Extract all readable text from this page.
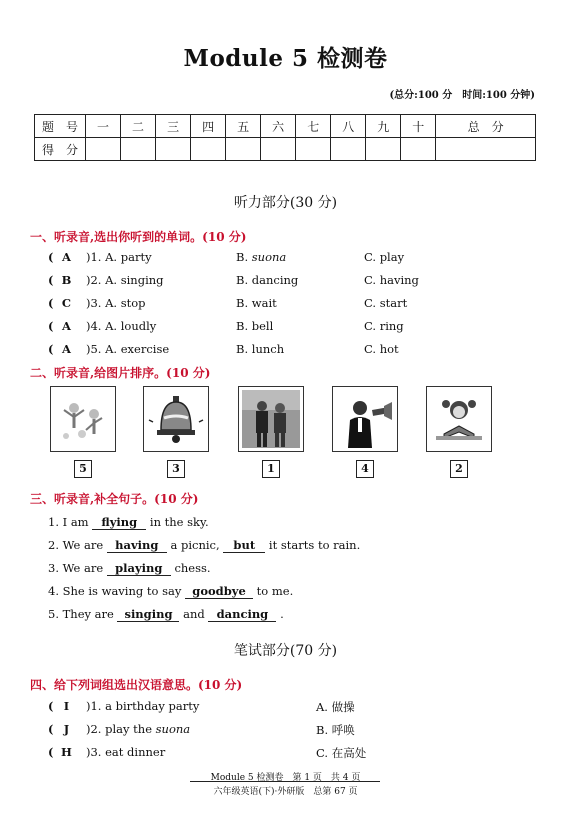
Module 5 检测卷
(总分:100 分　时间:100 分钟)
题　号	一	二	三	四	五	六	七	八	九	十	总　分
得　分											
听力部分(30 分)
一、听录音,选出你听到的单词。(10 分)
( A )1. A. party	B. suona	C. play
( B )2. A. singing	B. dancing	C. having
( C )3. A. stop	B. wait	C. start
( A )4. A. loudly	B. bell	C. ring
( A )5. A. exercise	B. lunch	C. hot
二、听录音,给图片排序。(10 分)
5	3	1	4	2
三、听录音,补全句子。(10 分)
1. I am flying in the sky.
2. We are having a picnic, but it starts to rain.
3. We are playing chess.
4. She is waving to say goodbye to me.
5. They are singing and dancing .
笔试部分(70 分)
四、给下列词组选出汉语意思。(10 分)
( I )1. a birthday party	A. 做操
( J )2. play the suona	B. 呼唤
( H )3. eat dinner	C. 在高处
Module 5 检测卷　第 1 页　共 4 页
六年级英语(下)·外研版　总第 67 页
